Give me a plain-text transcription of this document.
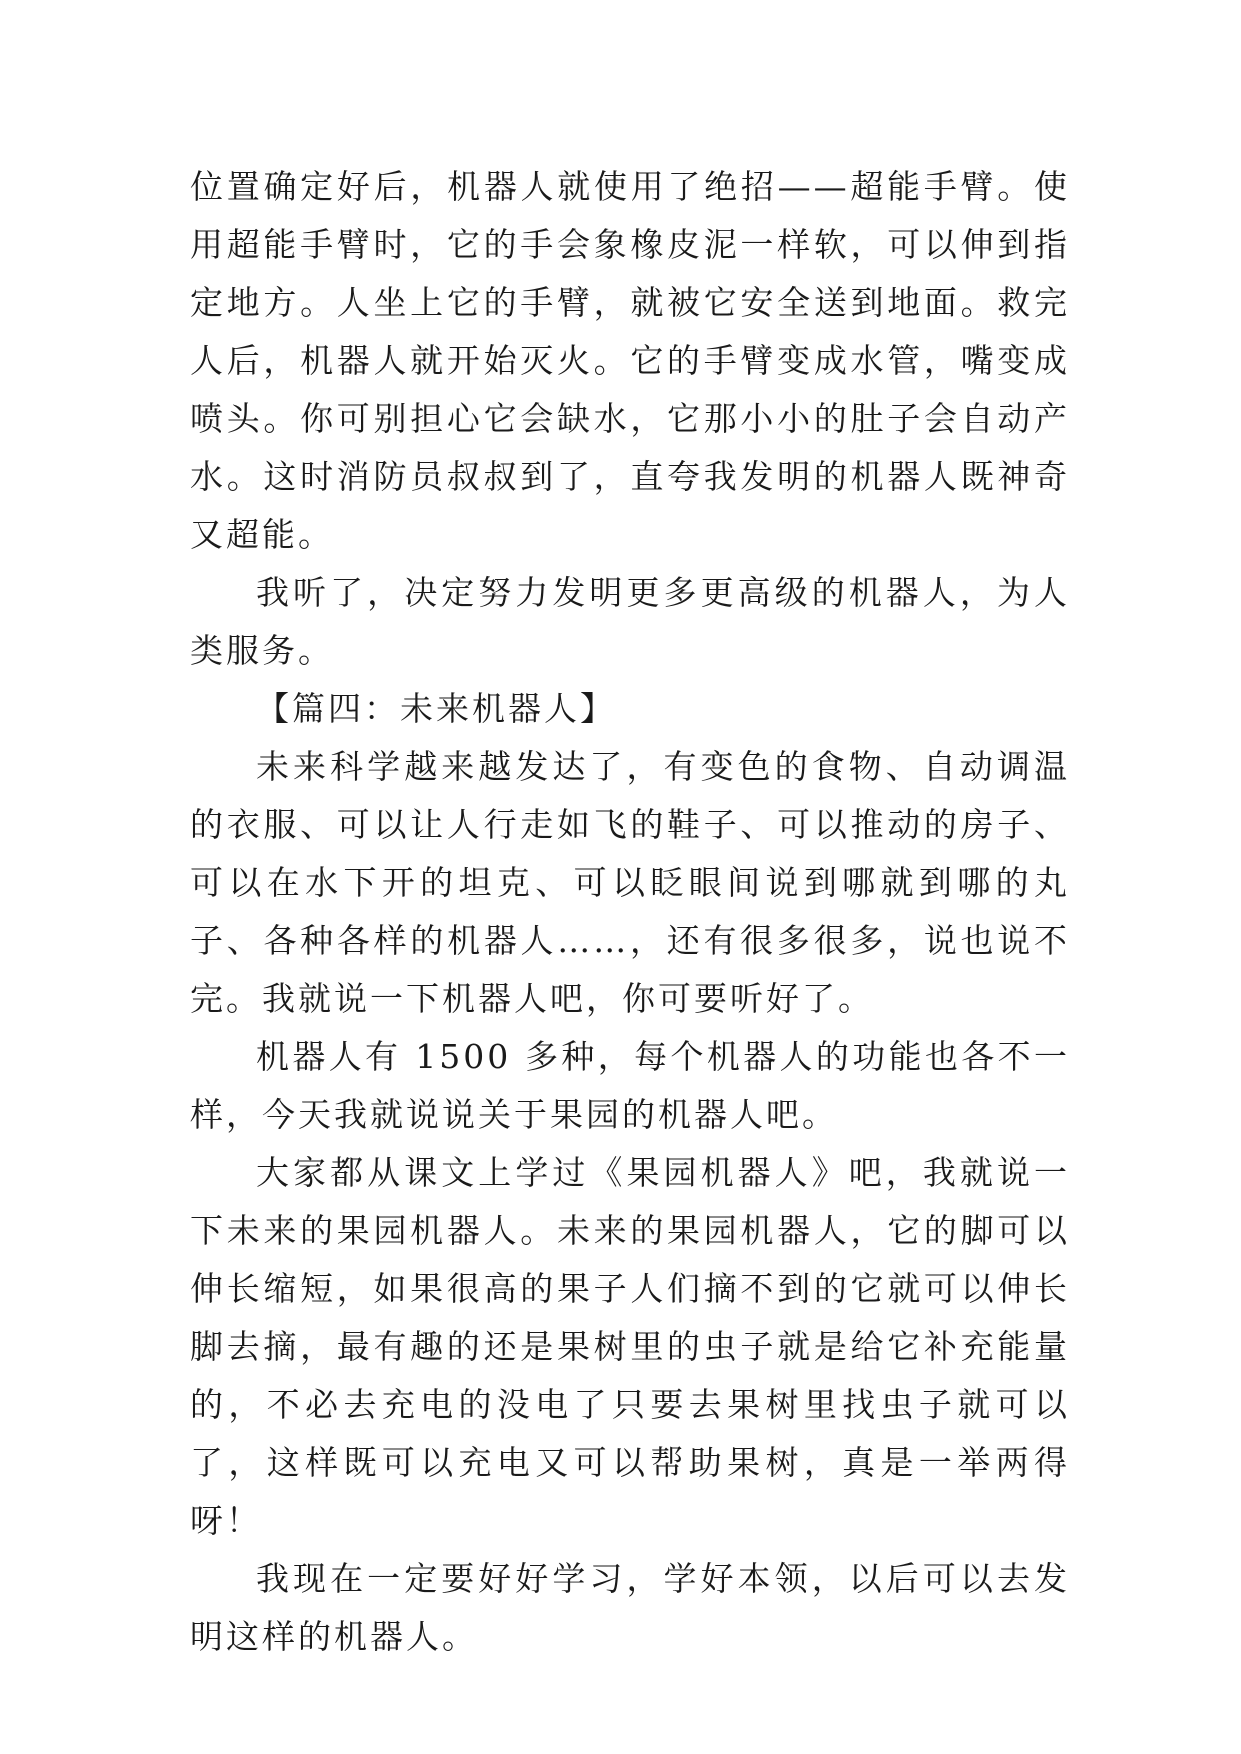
位置确定好后，机器人就使用了绝招——超能手臂。使用超能手臂时，它的手会象橡皮泥一样软，可以伸到指定地方。人坐上它的手臂，就被它安全送到地面。救完人后，机器人就开始灭火。它的手臂变成水管，嘴变成喷头。你可别担心它会缺水，它那小小的肚子会自动产水。这时消防员叔叔到了，直夸我发明的机器人既神奇又超能。

我听了，决定努力发明更多更高级的机器人，为人类服务。

【篇四：未来机器人】

未来科学越来越发达了，有变色的食物、自动调温的衣服、可以让人行走如飞的鞋子、可以推动的房子、可以在水下开的坦克、可以眨眼间说到哪就到哪的丸子、各种各样的机器人……，还有很多很多，说也说不完。我就说一下机器人吧，你可要听好了。

机器人有 1500 多种，每个机器人的功能也各不一样，今天我就说说关于果园的机器人吧。

大家都从课文上学过《果园机器人》吧，我就说一下未来的果园机器人。未来的果园机器人，它的脚可以伸长缩短，如果很高的果子人们摘不到的它就可以伸长脚去摘，最有趣的还是果树里的虫子就是给它补充能量的，不必去充电的没电了只要去果树里找虫子就可以了，这样既可以充电又可以帮助果树，真是一举两得呀！

我现在一定要好好学习，学好本领，以后可以去发明这样的机器人。
